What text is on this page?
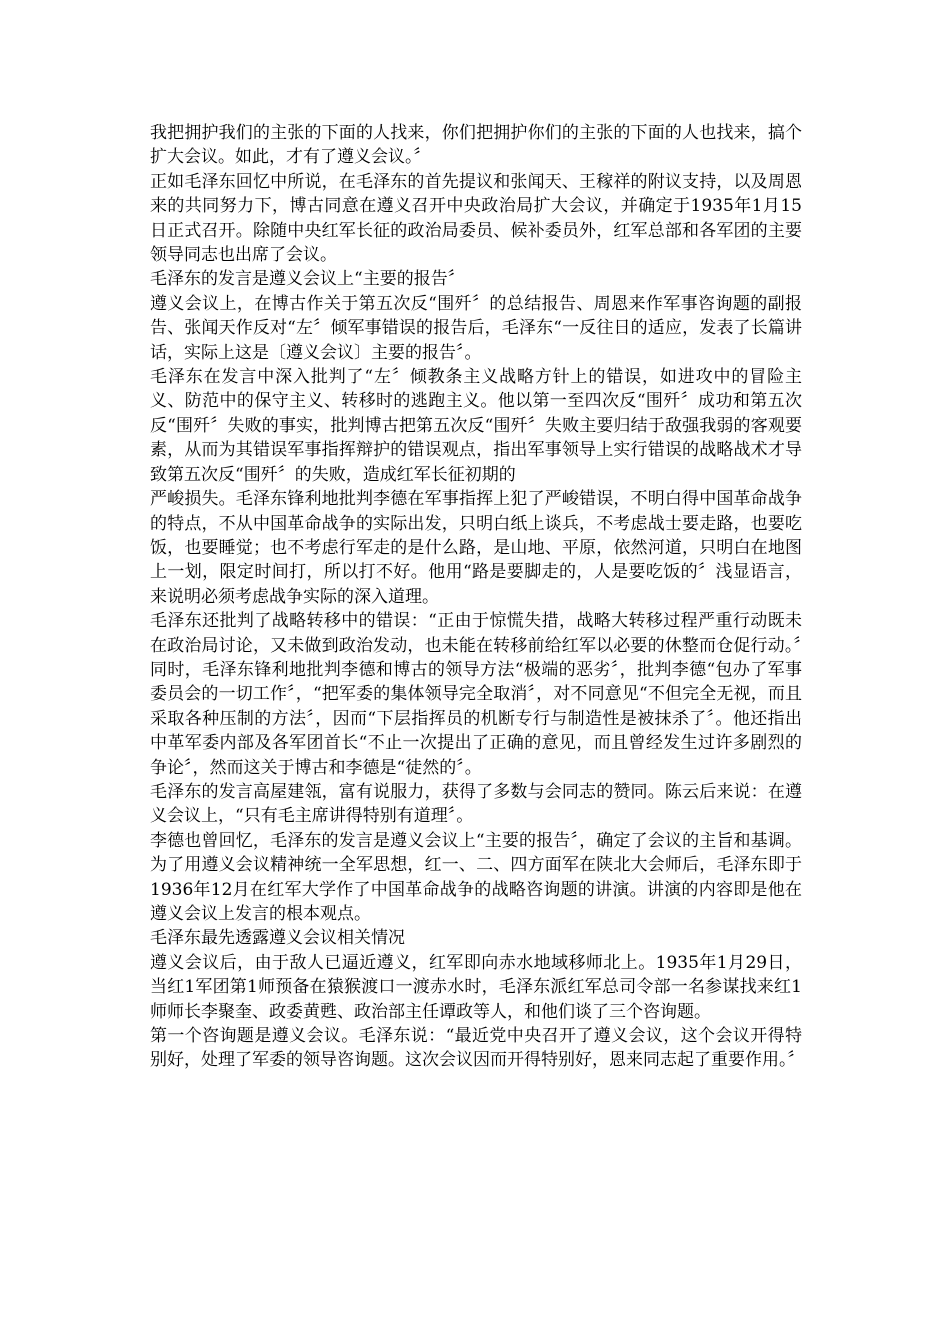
我把拥护我们的主张的下面的人找来，你们把拥护你们的主张的下面的人也找来，搞个扩大会议。如此，才有了遵义会议。〞

正如毛泽东回忆中所说，在毛泽东的首先提议和张闻天、王稼祥的附议支持，以及周恩来的共同努力下，博古同意在遵义召开中央政治局扩大会议，并确定于1935年1月15日正式召开。除随中央红军长征的政治局委员、候补委员外，红军总部和各军团的主要领导同志也出席了会议。

毛泽东的发言是遵义会议上“主要的报告〞

遵义会议上，在博古作关于第五次反“围歼〞的总结报告、周恩来作军事咨询题的副报告、张闻天作反对“左〞倾军事错误的报告后，毛泽东“一反往日的适应，发表了长篇讲话，实际上这是〔遵义会议〕主要的报告〞。

毛泽东在发言中深入批判了“左〞倾教条主义战略方针上的错误，如进攻中的冒险主义、防范中的保守主义、转移时的逃跑主义。他以第一至四次反“围歼〞成功和第五次反“围歼〞失败的事实，批判博古把第五次反“围歼〞失败主要归结于敌强我弱的客观要素，从而为其错误军事指挥辩护的错误观点，指出军事领导上实行错误的战略战术才导致第五次反“围歼〞的失败，造成红军长征初期的

严峻损失。毛泽东锋利地批判李德在军事指挥上犯了严峻错误，不明白得中国革命战争的特点，不从中国革命战争的实际出发，只明白纸上谈兵，不考虑战士要走路，也要吃饭，也要睡觉；也不考虑行军走的是什么路，是山地、平原，依然河道，只明白在地图上一划，限定时间打，所以打不好。他用“路是要脚走的，人是要吃饭的〞浅显语言，来说明必须考虑战争实际的深入道理。

毛泽东还批判了战略转移中的错误：“正由于惊慌失措，战略大转移过程严重行动既未在政治局讨论，又未做到政治发动，也未能在转移前给红军以必要的休整而仓促行动。〞同时，毛泽东锋利地批判李德和博古的领导方法“极端的恶劣〞，批判李德“包办了军事委员会的一切工作〞，“把军委的集体领导完全取消〞，对不同意见“不但完全无视，而且采取各种压制的方法〞，因而“下层指挥员的机断专行与制造性是被抹杀了〞。他还指出中革军委内部及各军团首长“不止一次提出了正确的意见，而且曾经发生过许多剧烈的争论〞，然而这关于博古和李德是“徒然的〞。

毛泽东的发言高屋建瓴，富有说服力，获得了多数与会同志的赞同。陈云后来说：在遵义会议上，“只有毛主席讲得特别有道理〞。

李德也曾回忆，毛泽东的发言是遵义会议上“主要的报告〞，确定了会议的主旨和基调。为了用遵义会议精神统一全军思想，红一、二、四方面军在陕北大会师后，毛泽东即于1936年12月在红军大学作了中国革命战争的战略咨询题的讲演。讲演的内容即是他在遵义会议上发言的根本观点。

毛泽东最先透露遵义会议相关情况

遵义会议后，由于敌人已逼近遵义，红军即向赤水地域移师北上。1935年1月29日，当红1军团第1师预备在猿猴渡口一渡赤水时，毛泽东派红军总司令部一名参谋找来红1师师长李聚奎、政委黄甦、政治部主任谭政等人，和他们谈了三个咨询题。

第一个咨询题是遵义会议。毛泽东说：“最近党中央召开了遵义会议，这个会议开得特别好，处理了军委的领导咨询题。这次会议因而开得特别好，恩来同志起了重要作用。〞
